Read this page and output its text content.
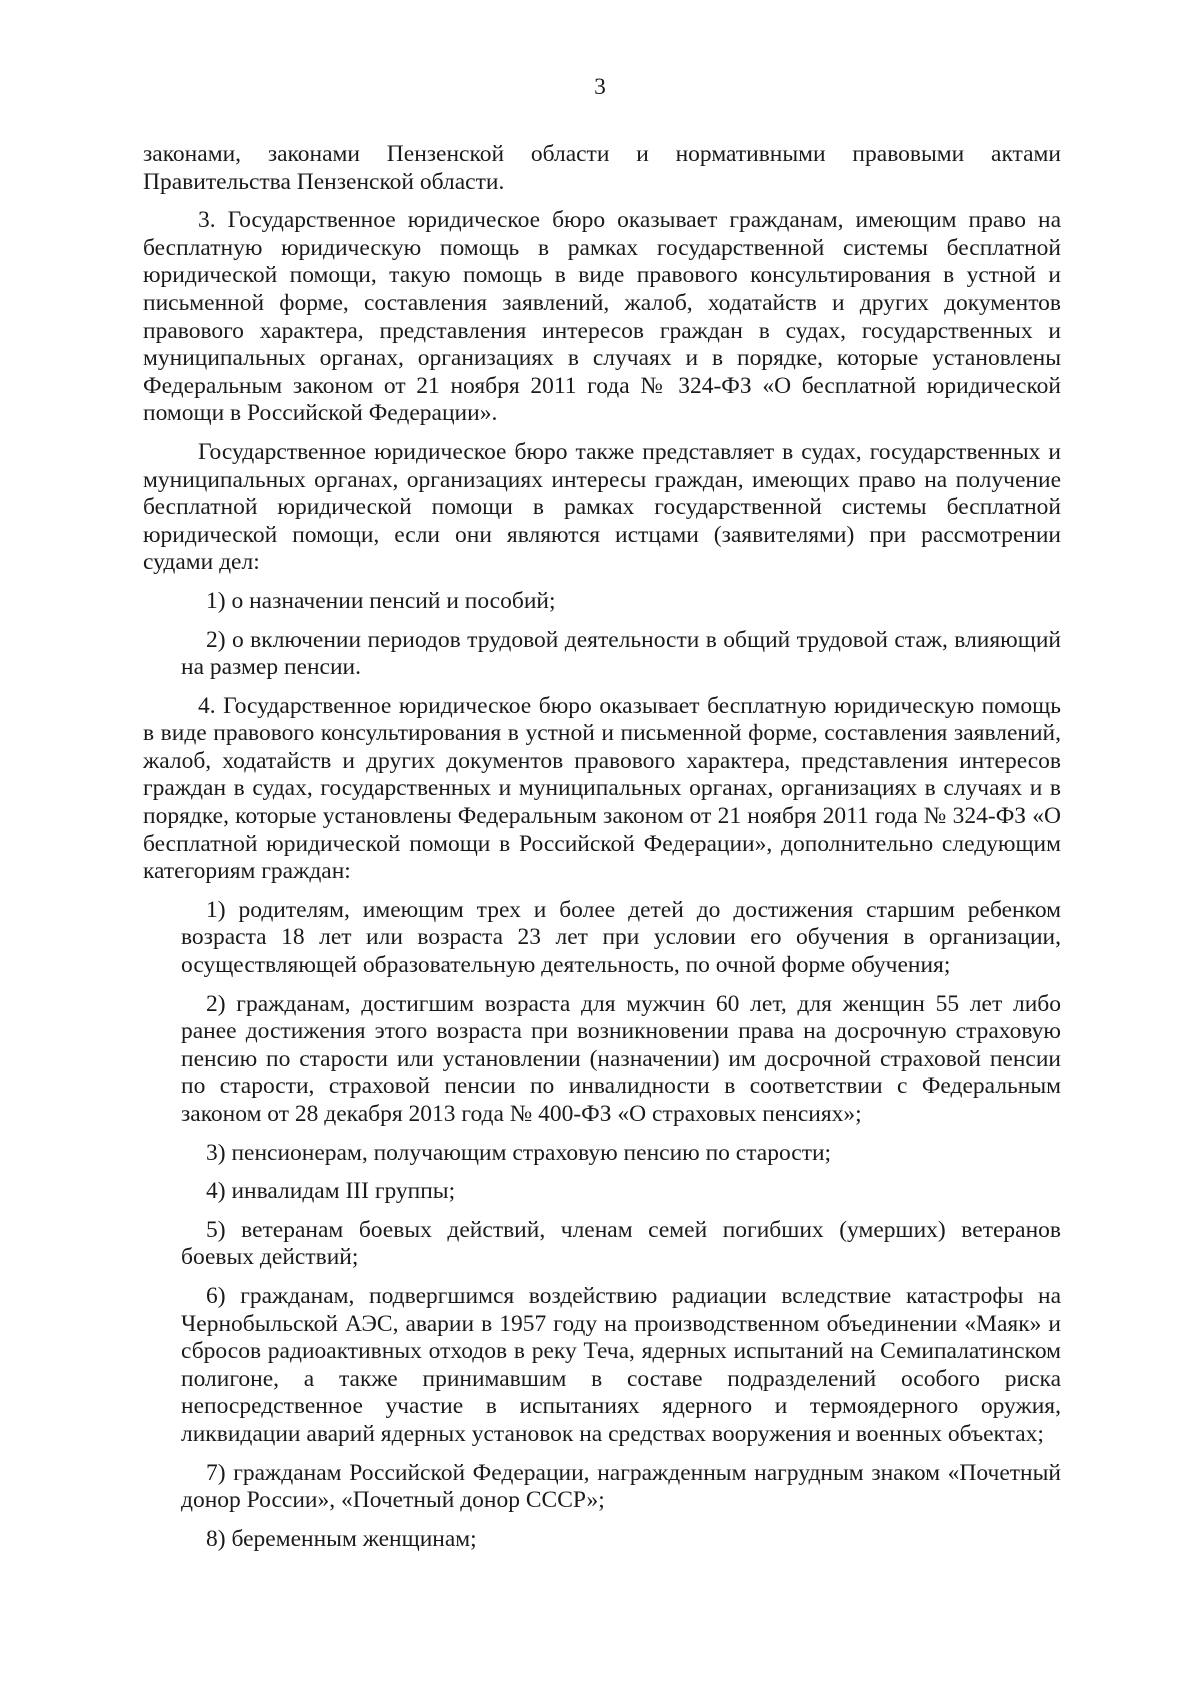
3

законами, законами Пензенской области и нормативными правовыми актами Правительства Пензенской области.

3. Государственное юридическое бюро оказывает гражданам, имеющим право на бесплатную юридическую помощь в рамках государственной системы бесплатной юридической помощи, такую помощь в виде правового консультирования в устной и письменной форме, составления заявлений, жалоб, ходатайств и других документов правового характера, представления интересов граждан в судах, государственных и муниципальных органах, организациях в случаях и в порядке, которые установлены Федеральным законом от 21 ноября 2011 года № 324-ФЗ «О бесплатной юридической помощи в Российской Федерации».

Государственное юридическое бюро также представляет в судах, государственных и муниципальных органах, организациях интересы граждан, имеющих право на получение бесплатной юридической помощи в рамках государственной системы бесплатной юридической помощи, если они являются истцами (заявителями) при рассмотрении судами дел:

1) о назначении пенсий и пособий;

2) о включении периодов трудовой деятельности в общий трудовой стаж, влияющий на размер пенсии.

4. Государственное юридическое бюро оказывает бесплатную юридическую помощь в виде правового консультирования в устной и письменной форме, составления заявлений, жалоб, ходатайств и других документов правового характера, представления интересов граждан в судах, государственных и муниципальных органах, организациях в случаях и в порядке, которые установлены Федеральным законом от 21 ноября 2011 года № 324-ФЗ «О бесплатной юридической помощи в Российской Федерации», дополнительно следующим категориям граждан:

1) родителям, имеющим трех и более детей до достижения старшим ребенком возраста 18 лет или возраста 23 лет при условии его обучения в организации, осуществляющей образовательную деятельность, по очной форме обучения;

2) гражданам, достигшим возраста для мужчин 60 лет, для женщин 55 лет либо ранее достижения этого возраста при возникновении права на досрочную страховую пенсию по старости или установлении (назначении) им досрочной страховой пенсии по старости, страховой пенсии по инвалидности в соответствии с Федеральным законом от 28 декабря 2013 года № 400-ФЗ «О страховых пенсиях»;

3) пенсионерам, получающим страховую пенсию по старости;

4) инвалидам III группы;

5) ветеранам боевых действий, членам семей погибших (умерших) ветеранов боевых действий;

6) гражданам, подвергшимся воздействию радиации вследствие катастрофы на Чернобыльской АЭС, аварии в 1957 году на производственном объединении «Маяк» и сбросов радиоактивных отходов в реку Теча, ядерных испытаний на Семипалатинском полигоне, а также принимавшим в составе подразделений особого риска непосредственное участие в испытаниях ядерного и термоядерного оружия, ликвидации аварий ядерных установок на средствах вооружения и военных объектах;

7) гражданам Российской Федерации, награжденным нагрудным знаком «Почетный донор России», «Почетный донор СССР»;

8) беременным женщинам;
